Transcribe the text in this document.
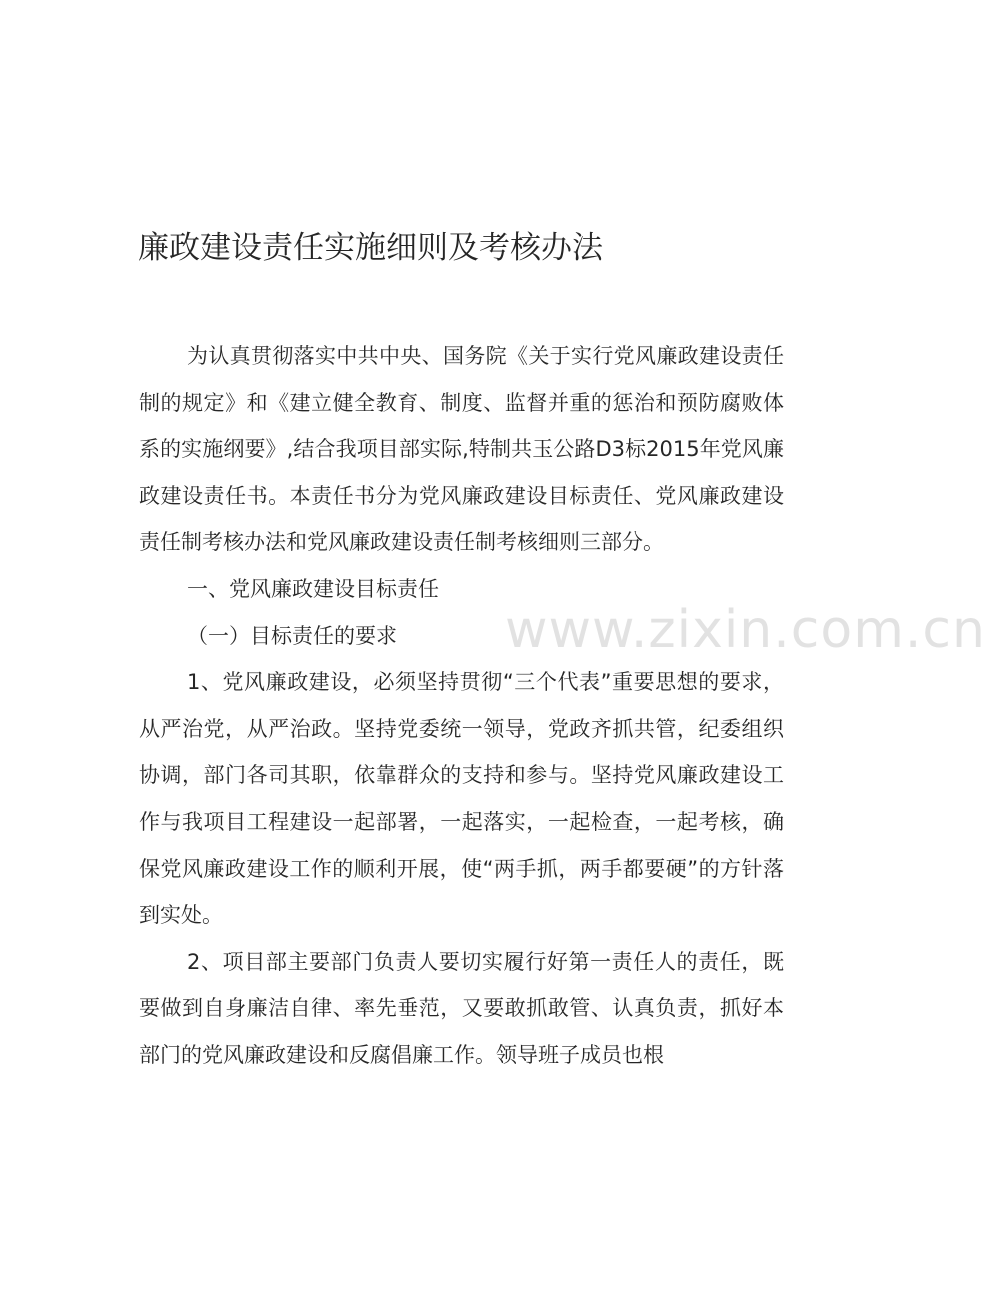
廉政建设责任实施细则及考核办法

为认真贯彻落实中共中央、国务院《关于实行党风廉政建设责任制的规定》和《建立健全教育、制度、监督并重的惩治和预防腐败体系的实施纲要》,结合我项目部实际,特制共玉公路D3标2015年党风廉政建设责任书。本责任书分为党风廉政建设目标责任、党风廉政建设责任制考核办法和党风廉政建设责任制考核细则三部分。

一、党风廉政建设目标责任

（一）目标责任的要求

1、党风廉政建设，必须坚持贯彻“三个代表”重要思想的要求，从严治党，从严治政。坚持党委统一领导，党政齐抓共管，纪委组织协调，部门各司其职，依靠群众的支持和参与。坚持党风廉政建设工作与我项目工程建设一起部署，一起落实，一起检查，一起考核，确保党风廉政建设工作的顺利开展，使“两手抓，两手都要硬”的方针落到实处。

2、项目部主要部门负责人要切实履行好第一责任人的责任，既要做到自身廉洁自律、率先垂范，又要敢抓敢管、认真负责，抓好本部门的党风廉政建设和反腐倡廉工作。领导班子成员也根

www.zixin.com.cn
